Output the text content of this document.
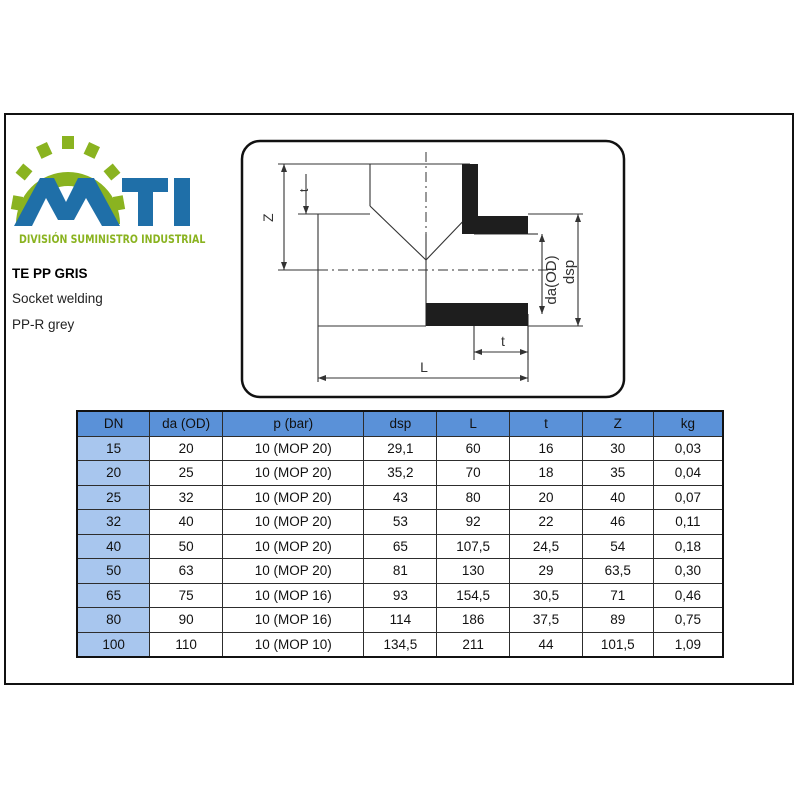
DIVISIÓN SUMINISTRO INDUSTRIAL
TE PP GRIS
Socket welding
PP-R grey
Z
t
da(OD) dsp
t
L
DN	da (OD)	p (bar)	dsp	L	t	Z	kg
15	20	10 (MOP 20)	29,1	60	16	30	0,03
20	25	10 (MOP 20)	35,2	70	18	35	0,04
25	32	10 (MOP 20)	43	80	20	40	0,07
32	40	10 (MOP 20)	53	92	22	46	0,11
40	50	10 (MOP 20)	65	107,5	24,5	54	0,18
50	63	10 (MOP 20)	81	130	29	63,5	0,30
65	75	10 (MOP 16)	93	154,5	30,5	71	0,46
80	90	10 (MOP 16)	114	186	37,5	89	0,75
100	110	10 (MOP 10)	134,5	211	44	101,5	1,09
